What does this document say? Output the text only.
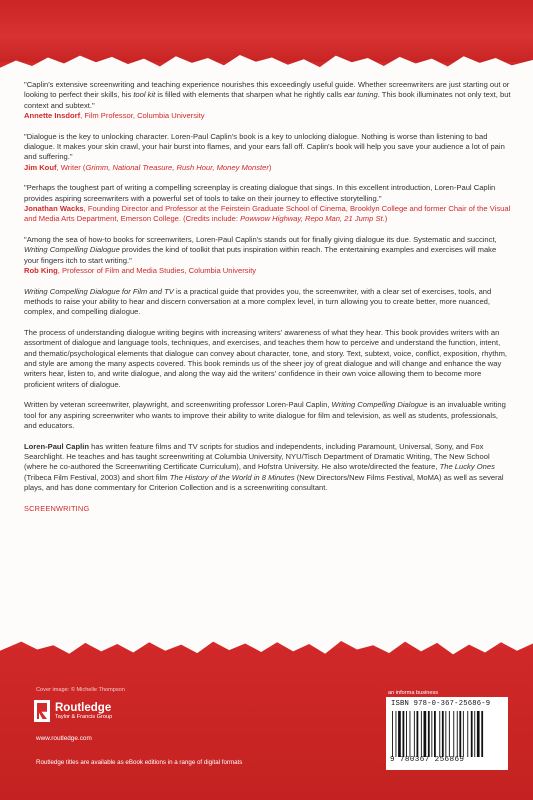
"Caplin's extensive screenwriting and teaching experience nourishes this exceedingly useful guide. Whether screenwriters are just starting out or looking to perfect their skills, his tool kit is filled with elements that sharpen what he rightly calls ear tuning. This book illuminates not only text, but context and subtext."

Annette Insdorf, Film Professor, Columbia University

"Dialogue is the key to unlocking character. Loren-Paul Caplin's book is a key to unlocking dialogue. Nothing is worse than listening to bad dialogue. It makes your skin crawl, your hair burst into flames, and your ears fall off. Caplin's book will help you save your audience a lot of pain and suffering."

Jim Kouf, Writer (Grimm, National Treasure, Rush Hour, Money Monster)

"Perhaps the toughest part of writing a compelling screenplay is creating dialogue that sings. In this excellent introduction, Loren-Paul Caplin provides aspiring screenwriters with a powerful set of tools to take on their journey to effective storytelling."

Jonathan Wacks, Founding Director and Professor at the Feirstein Graduate School of Cinema, Brooklyn College and former Chair of the Visual and Media Arts Department, Emerson College. (Credits include: Powwow Highway, Repo Man, 21 Jump St.)

"Among the sea of how-to books for screenwriters, Loren-Paul Caplin's stands out for finally giving dialogue its due. Systematic and succinct, Writing Compelling Dialogue provides the kind of toolkit that puts inspiration within reach. The entertaining examples and exercises will make your fingers itch to start writing."

Rob King, Professor of Film and Media Studies, Columbia University

Writing Compelling Dialogue for Film and TV is a practical guide that provides you, the screenwriter, with a clear set of exercises, tools, and methods to raise your ability to hear and discern conversation at a more complex level, in turn allowing you to create better, more nuanced, complex, and compelling dialogue.

The process of understanding dialogue writing begins with increasing writers' awareness of what they hear. This book provides writers with an assortment of dialogue and language tools, techniques, and exercises, and teaches them how to perceive and understand the function, intent, and thematic/psychological elements that dialogue can convey about character, tone, and story. Text, subtext, voice, conflict, exposition, rhythm, and style are among the many aspects covered. This book reminds us of the sheer joy of great dialogue and will change and enhance the way writers hear, listen to, and write dialogue, and along the way aid the writers' confidence in their own voice allowing them to become more proficient writers of dialogue.

Written by veteran screenwriter, playwright, and screenwriting professor Loren-Paul Caplin, Writing Compelling Dialogue is an invaluable writing tool for any aspiring screenwriter who wants to improve their ability to write dialogue for film and television, as well as students, professionals, and educators.

Loren-Paul Caplin has written feature films and TV scripts for studios and independents, including Paramount, Universal, Sony, and Fox Searchlight. He teaches and has taught screenwriting at Columbia University, NYU/Tisch Department of Dramatic Writing, The New School (where he co-authored the Screenwriting Certificate Curriculum), and Hofstra University. He also wrote/directed the feature, The Lucky Ones (Tribeca Film Festival, 2003) and short film The History of the World in 8 Minutes (New Directors/New Films Festival, MoMA) as well as several plays, and has done commentary for Criterion Collection and is a screenwriting consultant.

SCREENWRITING
Cover image: © Michelle Thompson
Routledge
Taylor & Francis Group
www.routledge.com
Routledge titles are available as eBook editions in a range of digital formats
an informa business
ISBN 978-0-367-25686-9
9 780367 256869
